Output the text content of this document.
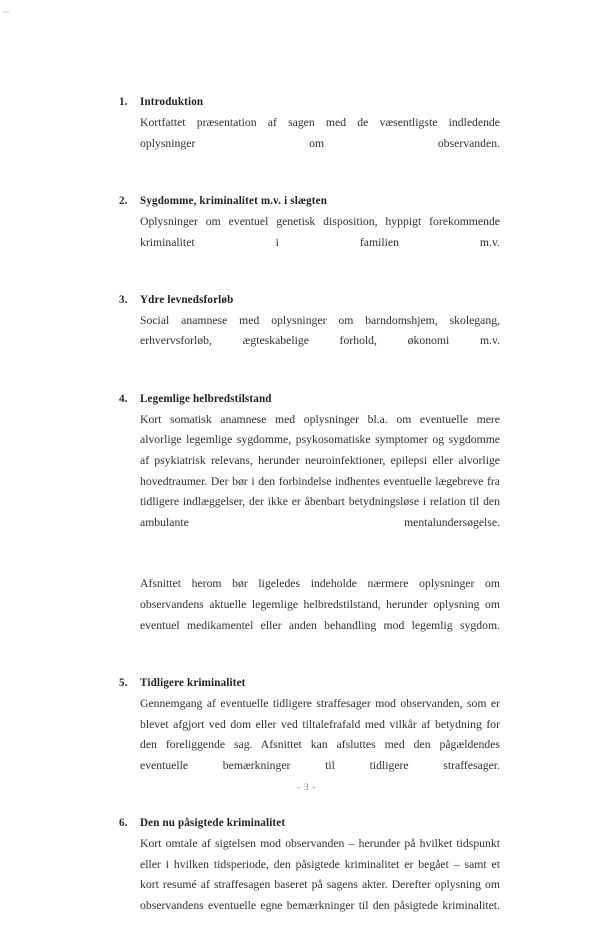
1.	Introduktion

Kortfattet præsentation af sagen med de væsentligste indledende oplysninger om observanden.

2.	Sygdomme, kriminalitet m.v. i slægten

Oplysninger om eventuel genetisk disposition, hyppigt forekommende kriminalitet i familien m.v.

3.	Ydre levnedsforløb

Social anamnese med oplysninger om barndomshjem, skolegang, erhvervsforløb, ægteskabelige forhold, økonomi m.v.

4.	Legemlige helbredstilstand

Kort somatisk anamnese med oplysninger bl.a. om eventuelle mere alvorlige legemlige sygdomme, psykosomatiske symptomer og sygdomme af psykiatrisk relevans, herunder neuroinfektioner, epilepsi eller alvorlige hovedtraumer. Der bør i den forbindelse indhentes eventuelle lægebreve fra tidligere indlæggelser, der ikke er åbenbart betydningsløse i relation til den ambulante mentalundersøgelse.

Afsnittet herom bør ligeledes indeholde nærmere oplysninger om observandens aktuelle legemlige helbredstilstand, herunder oplysning om eventuel medikamentel eller anden behandling mod legemlig sygdom.

5.	Tidligere kriminalitet

Gennemgang af eventuelle tidligere straffesager mod observanden, som er blevet afgjort ved dom eller ved tiltalefrafald med vilkår af betydning for den foreliggende sag. Afsnittet kan afsluttes med den pågældendes eventuelle bemærkninger til tidligere straffesager.

6.	Den nu påsigtede kriminalitet

Kort omtale af sigtelsen mod observanden – herunder på hvilket tidspunkt eller i hvilken tidsperiode, den påsigtede kriminalitet er begået – samt et kort resumé af straffesagen baseret på sagens akter. Derefter oplysning om observandens eventuelle egne bemærkninger til den påsigtede kriminalitet.

- 3 -
